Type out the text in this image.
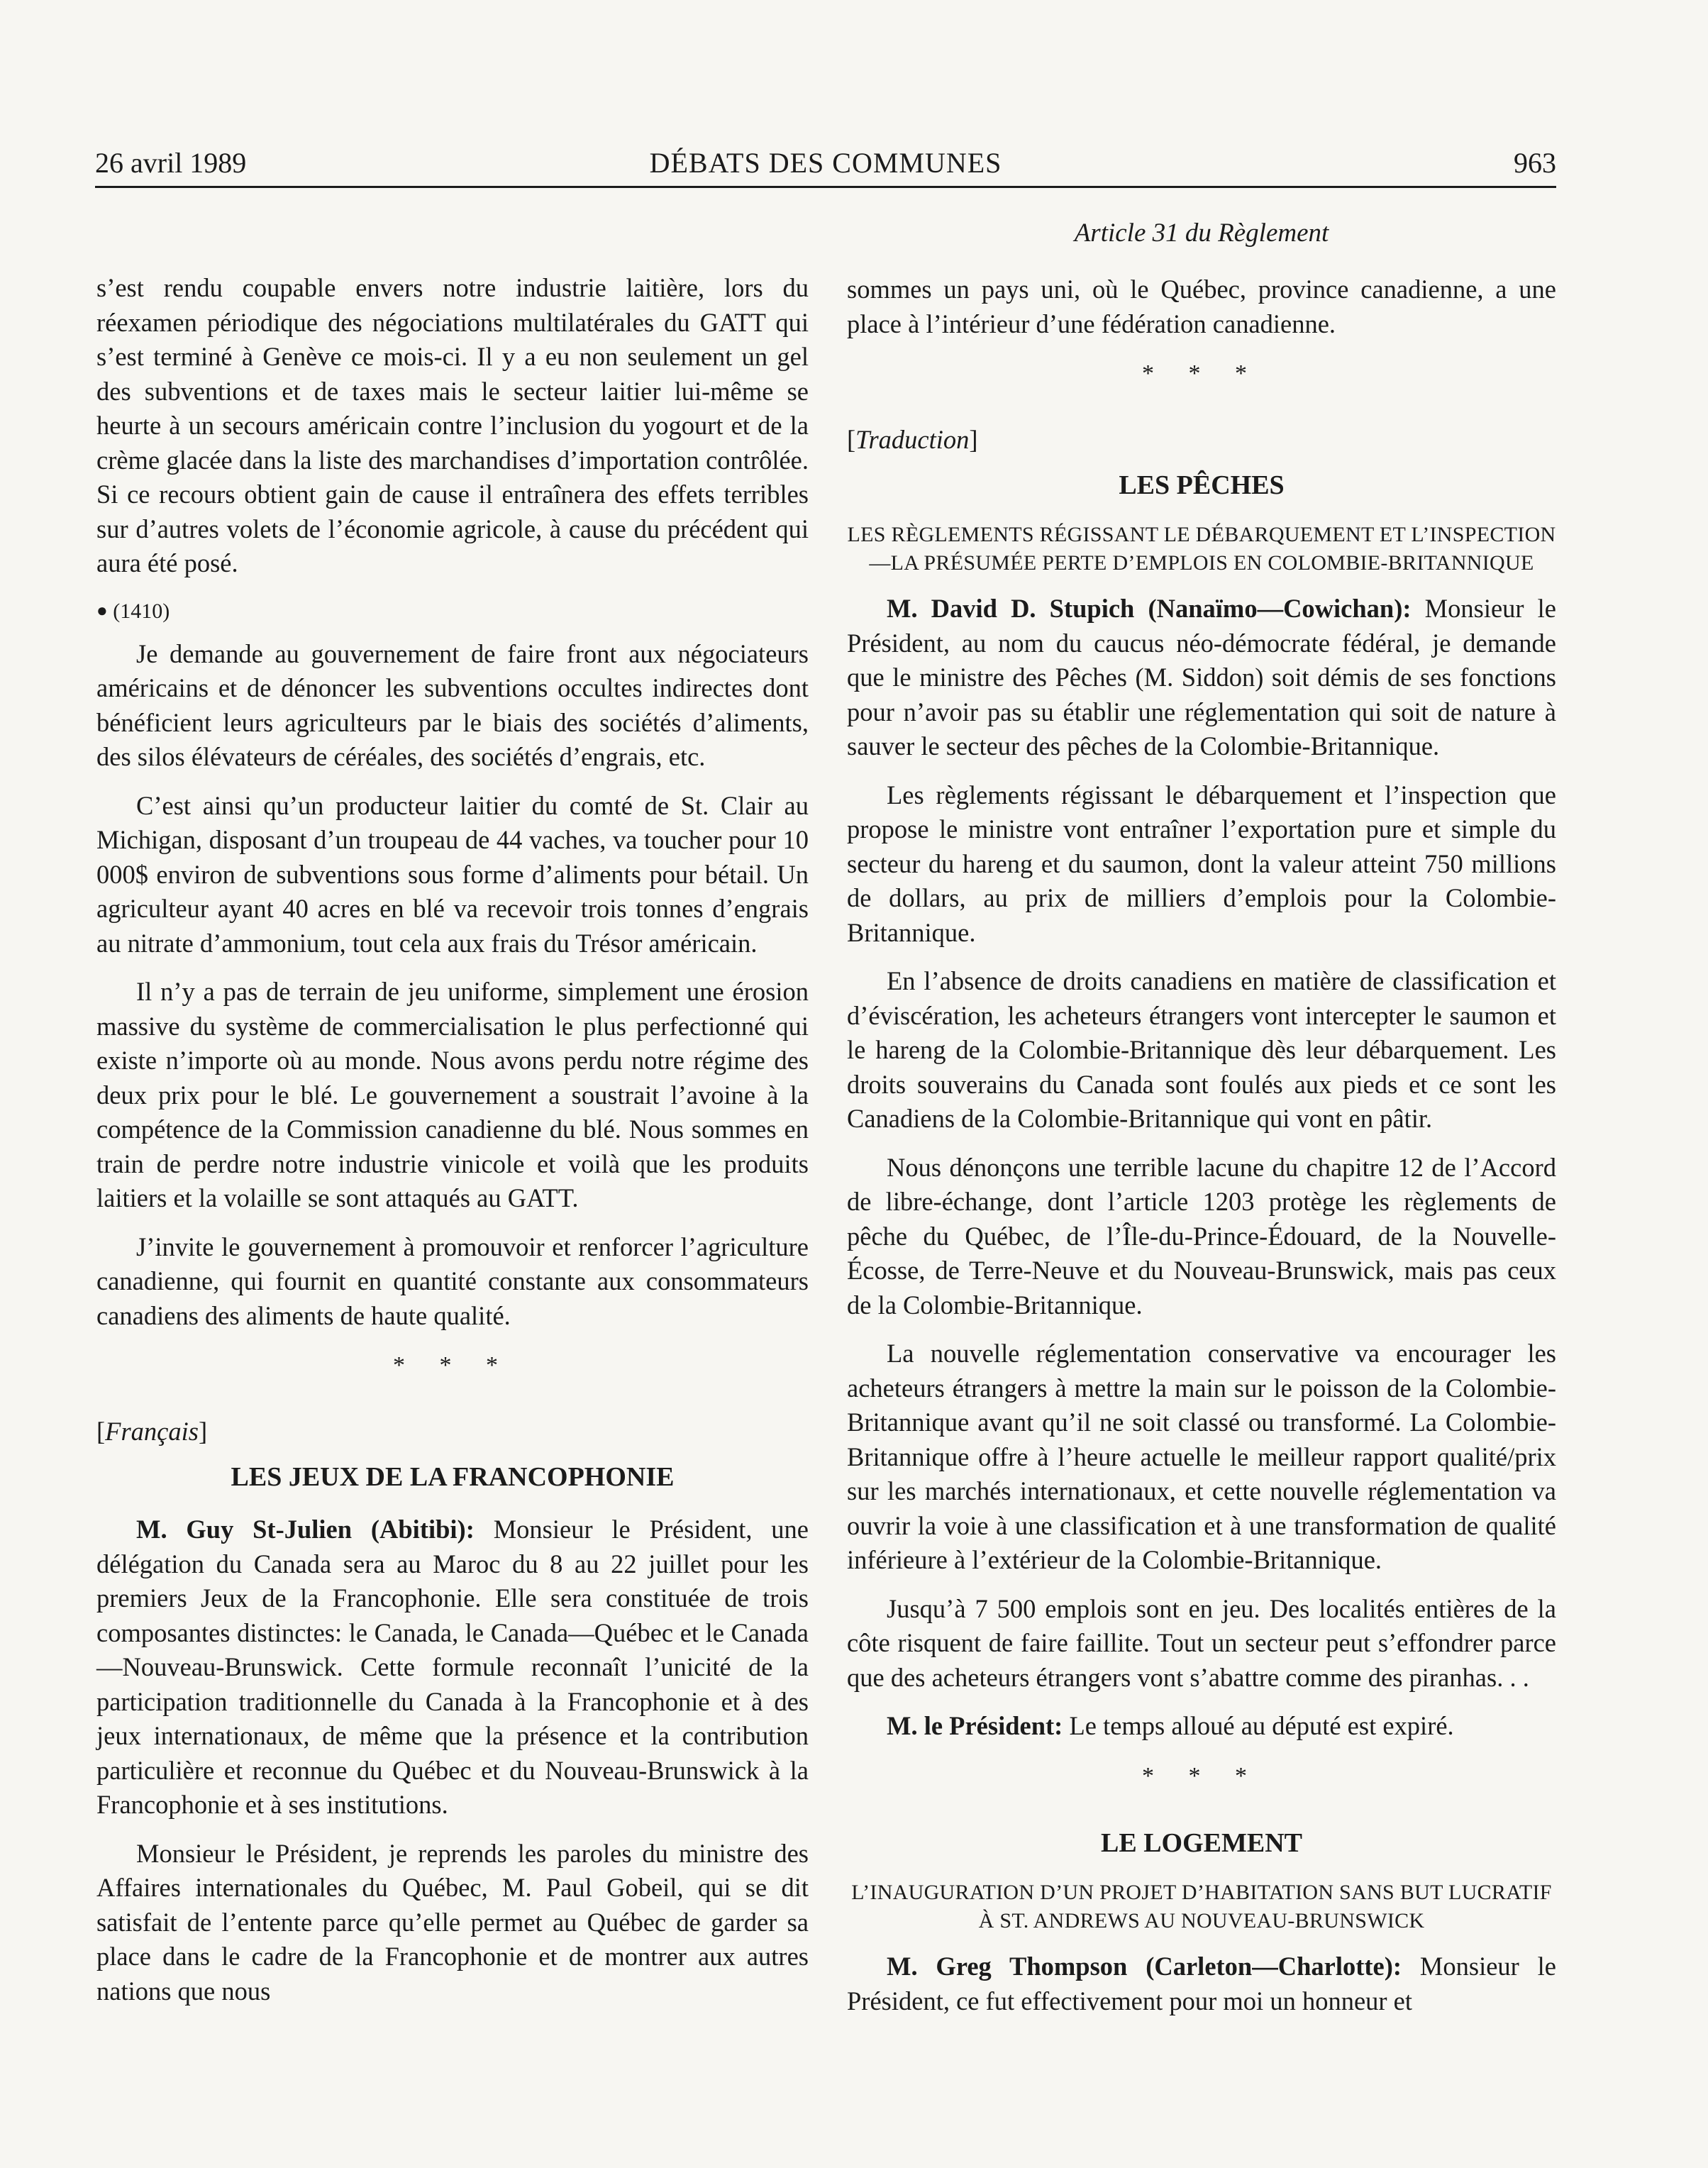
26 avril 1989	DÉBATS DES COMMUNES	963
Article 31 du Règlement

s’est rendu coupable envers notre industrie laitière, lors du réexamen périodique des négociations multilatérales du GATT qui s’est terminé à Genève ce mois-ci. Il y a eu non seulement un gel des subventions et de taxes mais le secteur laitier lui-même se heurte à un secours américain contre l’inclusion du yogourt et de la crème glacée dans la liste des marchandises d’importation contrôlée. Si ce recours obtient gain de cause il entraînera des effets terribles sur d’autres volets de l’économie agricole, à cause du précédent qui aura été posé.

● (1410)

Je demande au gouvernement de faire front aux négociateurs américains et de dénoncer les subventions occultes indirectes dont bénéficient leurs agriculteurs par le biais des sociétés d’aliments, des silos élévateurs de céréales, des sociétés d’engrais, etc.

C’est ainsi qu’un producteur laitier du comté de St. Clair au Michigan, disposant d’un troupeau de 44 vaches, va toucher pour 10 000$ environ de subventions sous forme d’aliments pour bétail. Un agriculteur ayant 40 acres en blé va recevoir trois tonnes d’engrais au nitrate d’ammonium, tout cela aux frais du Trésor américain.

Il n’y a pas de terrain de jeu uniforme, simplement une érosion massive du système de commercialisation le plus perfectionné qui existe n’importe où au monde. Nous avons perdu notre régime des deux prix pour le blé. Le gouvernement a soustrait l’avoine à la compétence de la Commission canadienne du blé. Nous sommes en train de perdre notre industrie vinicole et voilà que les produits laitiers et la volaille se sont attaqués au GATT.

J’invite le gouvernement à promouvoir et renforcer l’agriculture canadienne, qui fournit en quantité constante aux consommateurs canadiens des aliments de haute qualité.

* * *
[Français]
LES JEUX DE LA FRANCOPHONIE

M. Guy St-Julien (Abitibi): Monsieur le Président, une délégation du Canada sera au Maroc du 8 au 22 juillet pour les premiers Jeux de la Francophonie. Elle sera constituée de trois composantes distinctes: le Canada, le Canada—Québec et le Canada—Nouveau-Brunswick. Cette formule reconnaît l’unicité de la participation traditionnelle du Canada à la Francophonie et à des jeux internationaux, de même que la présence et la contribution particulière et reconnue du Québec et du Nouveau-Brunswick à la Francophonie et à ses institutions.

Monsieur le Président, je reprends les paroles du ministre des Affaires internationales du Québec, M. Paul Gobeil, qui se dit satisfait de l’entente parce qu’elle permet au Québec de garder sa place dans le cadre de la Francophonie et de montrer aux autres nations que nous

sommes un pays uni, où le Québec, province canadienne, a une place à l’intérieur d’une fédération canadienne.

* * *
[Traduction]
LES PÊCHES
LES RÈGLEMENTS RÉGISSANT LE DÉBARQUEMENT ET L’INSPECTION—LA PRÉSUMÉE PERTE D’EMPLOIS EN COLOMBIE-BRITANNIQUE

M. David D. Stupich (Nanaïmo—Cowichan): Monsieur le Président, au nom du caucus néo-démocrate fédéral, je demande que le ministre des Pêches (M. Siddon) soit démis de ses fonctions pour n’avoir pas su établir une réglementation qui soit de nature à sauver le secteur des pêches de la Colombie-Britannique.

Les règlements régissant le débarquement et l’inspection que propose le ministre vont entraîner l’exportation pure et simple du secteur du hareng et du saumon, dont la valeur atteint 750 millions de dollars, au prix de milliers d’emplois pour la Colombie-Britannique.

En l’absence de droits canadiens en matière de classification et d’éviscération, les acheteurs étrangers vont intercepter le saumon et le hareng de la Colombie-Britannique dès leur débarquement. Les droits souverains du Canada sont foulés aux pieds et ce sont les Canadiens de la Colombie-Britannique qui vont en pâtir.

Nous dénonçons une terrible lacune du chapitre 12 de l’Accord de libre-échange, dont l’article 1203 protège les règlements de pêche du Québec, de l’Île-du-Prince-Édouard, de la Nouvelle-Écosse, de Terre-Neuve et du Nouveau-Brunswick, mais pas ceux de la Colombie-Britannique.

La nouvelle réglementation conservative va encourager les acheteurs étrangers à mettre la main sur le poisson de la Colombie-Britannique avant qu’il ne soit classé ou transformé. La Colombie-Britannique offre à l’heure actuelle le meilleur rapport qualité/prix sur les marchés internationaux, et cette nouvelle réglementation va ouvrir la voie à une classification et à une transformation de qualité inférieure à l’extérieur de la Colombie-Britannique.

Jusqu’à 7 500 emplois sont en jeu. Des localités entières de la côte risquent de faire faillite. Tout un secteur peut s’effondrer parce que des acheteurs étrangers vont s’abattre comme des piranhas. . .

M. le Président: Le temps alloué au député est expiré.

* * *
LE LOGEMENT
L’INAUGURATION D’UN PROJET D’HABITATION SANS BUT LUCRATIF À ST. ANDREWS AU NOUVEAU-BRUNSWICK

M. Greg Thompson (Carleton—Charlotte): Monsieur le Président, ce fut effectivement pour moi un honneur et
